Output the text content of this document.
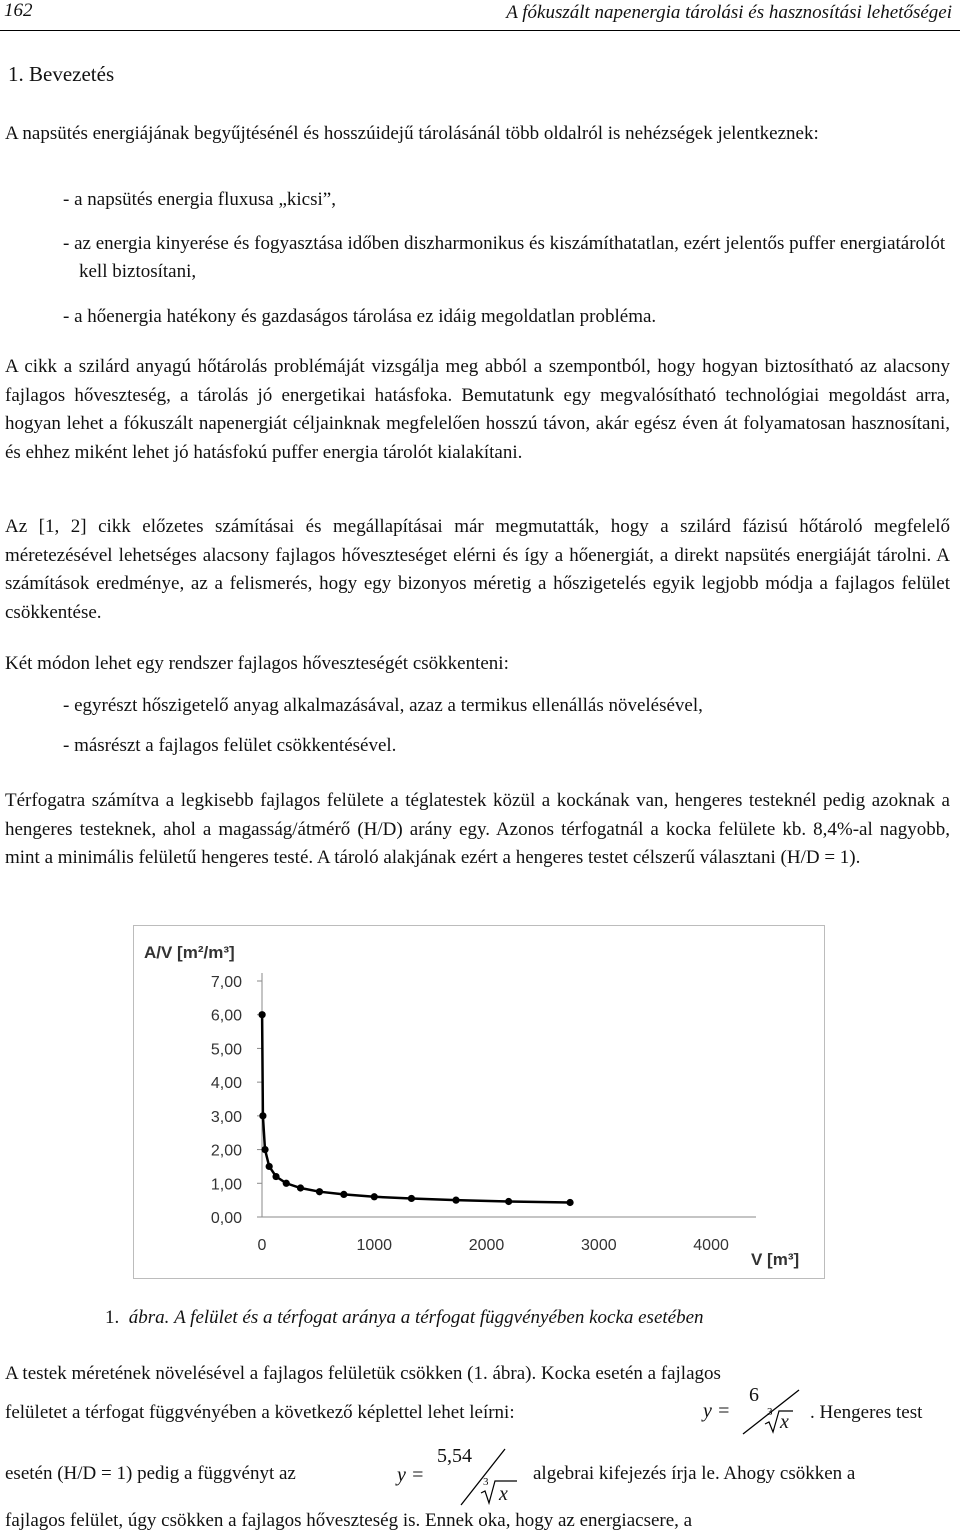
162	A fókuszált napenergia tárolási és hasznosítási lehetőségei
1. Bevezetés

A napsütés energiájának begyűjtésénél és hosszúidejű tárolásánál több oldalról is nehézségek jelentkeznek:

- a napsütés energia fluxusa „kicsi”,

- az energia kinyerése és fogyasztása időben diszharmonikus és kiszámíthatatlan, ezért jelentős puffer energiatárolót kell biztosítani,

- a hőenergia hatékony és gazdaságos tárolása ez idáig megoldatlan probléma.

A cikk a szilárd anyagú hőtárolás problémáját vizsgálja meg abból a szempontból, hogy hogyan biztosítható az alacsony fajlagos hőveszteség, a tárolás jó energetikai hatásfoka. Bemutatunk egy megvalósítható technológiai megoldást arra, hogyan lehet a fókuszált napenergiát céljainknak megfelelően hosszú távon, akár egész éven át folyamatosan hasznosítani, és ehhez miként lehet jó hatásfokú puffer energia tárolót kialakítani.

Az [1, 2] cikk előzetes számításai és megállapításai már megmutatták, hogy a szilárd fázisú hőtároló megfelelő méretezésével lehetséges alacsony fajlagos hőveszteséget elérni és így a hőenergiát, a direkt napsütés energiáját tárolni. A számítások eredménye, az a felismerés, hogy egy bizonyos méretig a hőszigetelés egyik legjobb módja a fajlagos felület csökkentése.

Két módon lehet egy rendszer fajlagos hőveszteségét csökkenteni:

- egyrészt hőszigetelő anyag alkalmazásával, azaz a termikus ellenállás növelésével,

- másrészt a fajlagos felület csökkentésével.

Térfogatra számítva a legkisebb fajlagos felülete a téglatestek közül a kockának van, hengeres testeknél pedig azoknak a hengeres testeknek, ahol a magasság/átmérő (H/D) arány egy. Azonos térfogatnál a kocka felülete kb. 8,4%-al nagyobb, mint a minimális felületű hengeres testé. A tároló alakjának ezért a hengeres testet célszerű választani (H/D = 1).

A/V [m²/m³]
V [m³]
0,00
1,00
2,00
3,00
4,00
5,00
6,00
7,00
0	1000	2000	3000	4000
1. ábra. A felület és a térfogat aránya a térfogat függvényében kocka esetében

A testek méretének növelésével a fajlagos felületük csökken (1. ábra). Kocka esetén a fajlagos

felületet a térfogat függvényében a következő képlettel lehet leírni:	y =
6
3 x . Hengeres test

esetén (H/D = 1) pedig a függvényt az	y =
5,54
3
x

algebrai kifejezés írja le. Ahogy csökken a

fajlagos felület, úgy csökken a fajlagos hőveszteség is. Ennek oka, hogy az energiacsere, a
